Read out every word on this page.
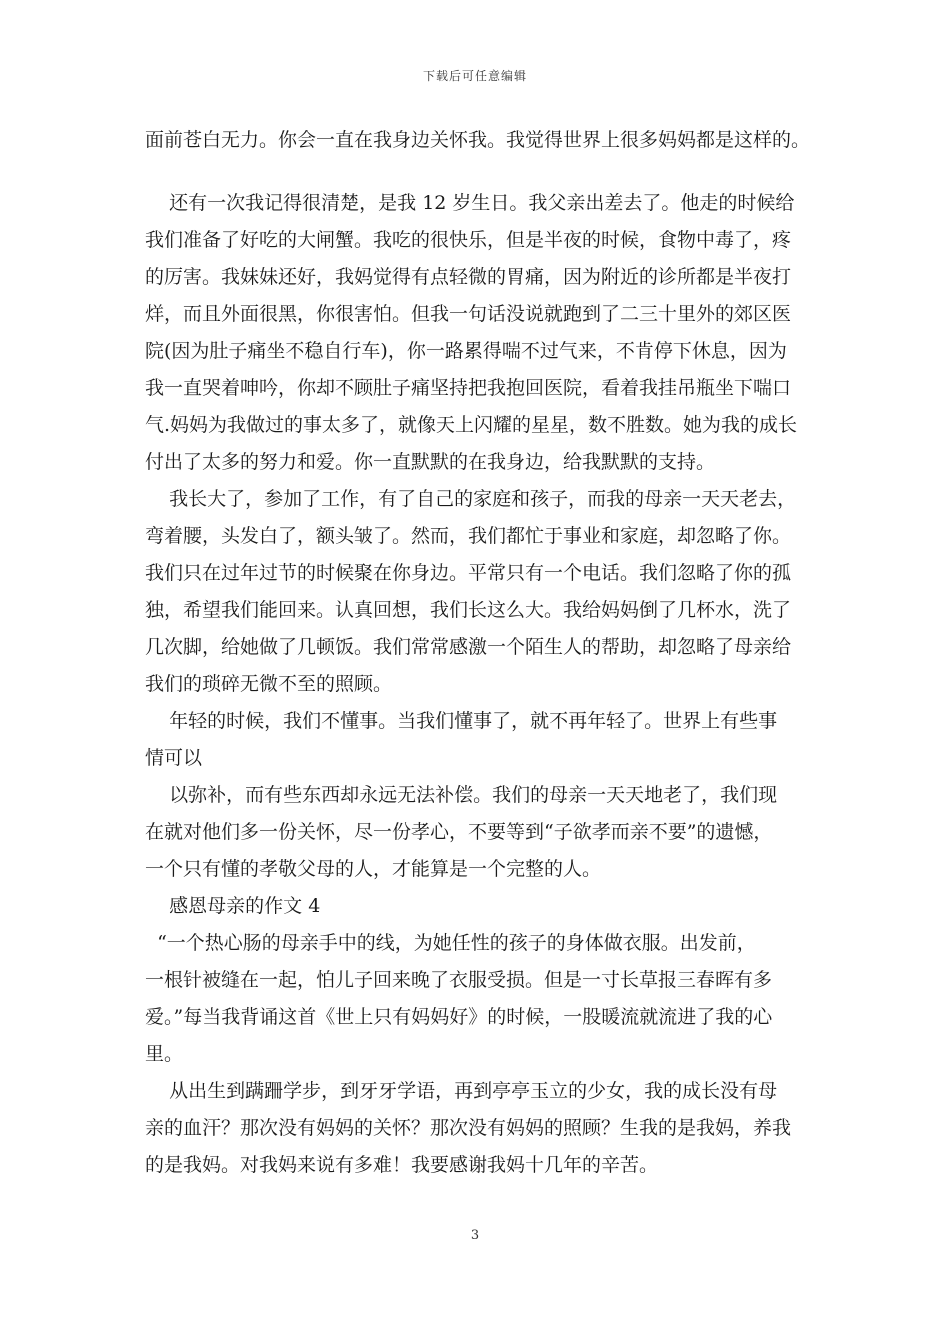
下载后可任意编辑
面前苍白无力。你会一直在我身边关怀我。我觉得世界上很多妈妈都是这样的。
还有一次我记得很清楚，是我 12 岁生日。我父亲出差去了。他走的时候给
我们准备了好吃的大闸蟹。我吃的很快乐，但是半夜的时候，食物中毒了，疼
的厉害。我妹妹还好，我妈觉得有点轻微的胃痛，因为附近的诊所都是半夜打
烊，而且外面很黑，你很害怕。但我一句话没说就跑到了二三十里外的郊区医
院(因为肚子痛坐不稳自行车)，你一路累得喘不过气来，不肯停下休息，因为
我一直哭着呻吟，你却不顾肚子痛坚持把我抱回医院，看着我挂吊瓶坐下喘口
气.妈妈为我做过的事太多了，就像天上闪耀的星星，数不胜数。她为我的成长
付出了太多的努力和爱。你一直默默的在我身边，给我默默的支持。
我长大了，参加了工作，有了自己的家庭和孩子，而我的母亲一天天老去，
弯着腰，头发白了，额头皱了。然而，我们都忙于事业和家庭，却忽略了你。
我们只在过年过节的时候聚在你身边。平常只有一个电话。我们忽略了你的孤
独，希望我们能回来。认真回想，我们长这么大。我给妈妈倒了几杯水，洗了
几次脚，给她做了几顿饭。我们常常感激一个陌生人的帮助，却忽略了母亲给
我们的琐碎无微不至的照顾。
年轻的时候，我们不懂事。当我们懂事了，就不再年轻了。世界上有些事
情可以
以弥补，而有些东西却永远无法补偿。我们的母亲一天天地老了，我们现
在就对他们多一份关怀，尽一份孝心，不要等到“子欲孝而亲不要”的遗憾，
一个只有懂的孝敬父母的人，才能算是一个完整的人。
感恩母亲的作文 4
“一个热心肠的母亲手中的线，为她任性的孩子的身体做衣服。出发前，
一根针被缝在一起，怕儿子回来晚了衣服受损。但是一寸长草报三春晖有多
爱。”每当我背诵这首《世上只有妈妈好》的时候，一股暖流就流进了我的心
里。
从出生到蹒跚学步，到牙牙学语，再到亭亭玉立的少女，我的成长没有母
亲的血汗？那次没有妈妈的关怀？那次没有妈妈的照顾？生我的是我妈，养我
的是我妈。对我妈来说有多难！我要感谢我妈十几年的辛苦。
3
